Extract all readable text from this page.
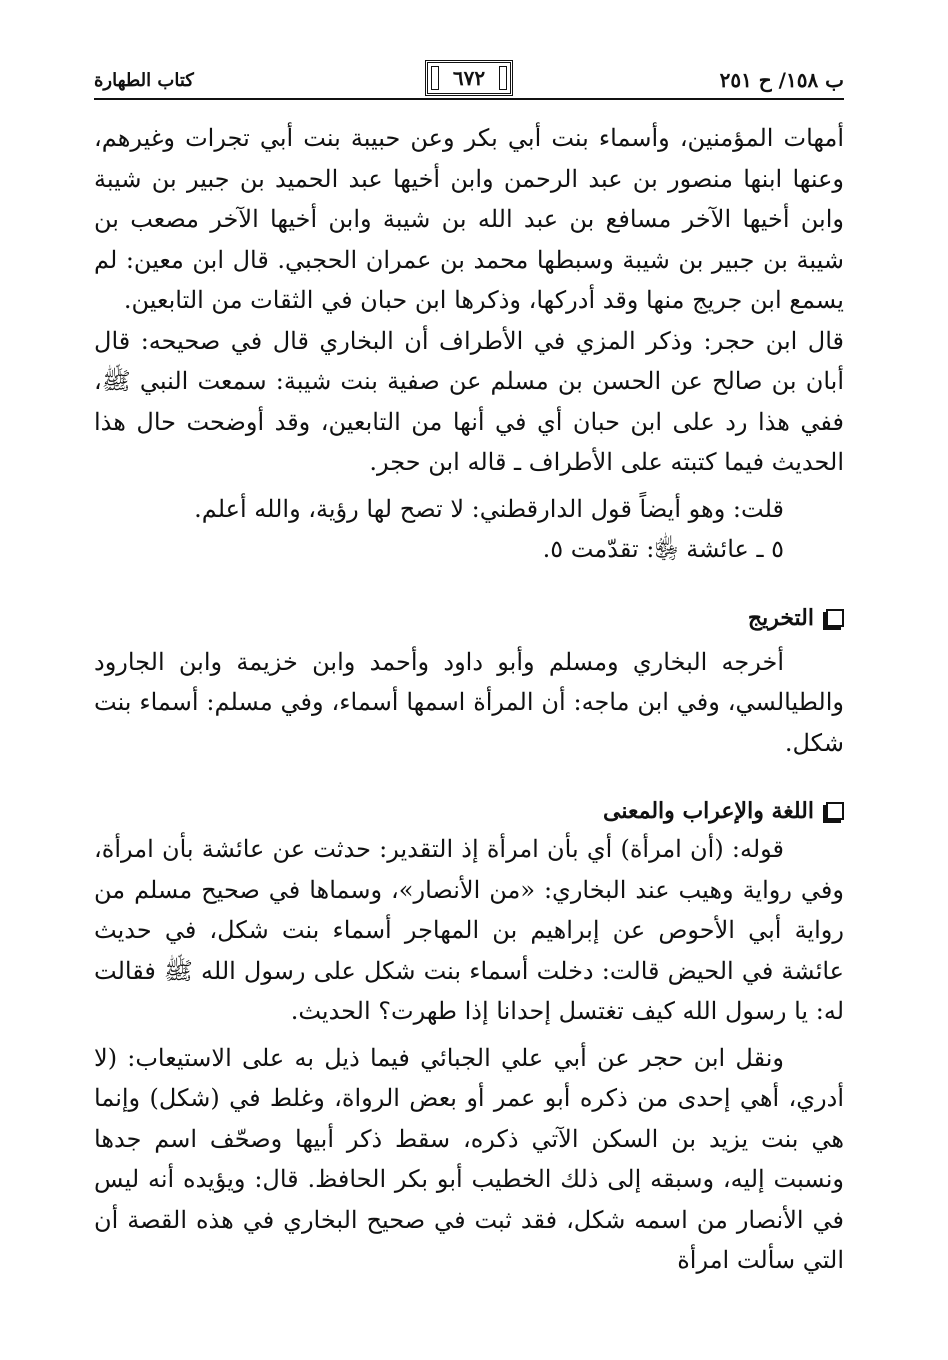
ب ١٥٨/ ح ٢٥١
٦٧٢
كتاب الطهارة

أمهات المؤمنين، وأسماء بنت أبي بكر وعن حبيبة بنت أبي تجرات وغيرهم، وعنها ابنها منصور بن عبد الرحمن وابن أخيها عبد الحميد بن جبير بن شيبة وابن أخيها الآخر مسافع بن عبد الله بن شيبة وابن أخيها الآخر مصعب بن شيبة بن جبير بن شيبة وسبطها محمد بن عمران الحجبي. قال ابن معين: لم يسمع ابن جريج منها وقد أدركها، وذكرها ابن حبان في الثقات من التابعين.

قال ابن حجر: وذكر المزي في الأطراف أن البخاري قال في صحيحه: قال أبان بن صالح عن الحسن بن مسلم عن صفية بنت شيبة: سمعت النبي ﷺ، ففي هذا رد على ابن حبان أي في أنها من التابعين، وقد أوضحت حال هذا الحديث فيما كتبته على الأطراف ـ قاله ابن حجر.

قلت: وهو أيضاً قول الدارقطني: لا تصح لها رؤية، والله أعلم.

٥ ـ عائشة ﵂: تقدّمت ٥.

التخريج

أخرجه البخاري ومسلم وأبو داود وأحمد وابن خزيمة وابن الجارود والطيالسي، وفي ابن ماجه: أن المرأة اسمها أسماء، وفي مسلم: أسماء بنت شكل.

اللغة والإعراب والمعنى

قوله: (أن امرأة) أي بأن امرأة إذ التقدير: حدثت عن عائشة بأن امرأة، وفي رواية وهيب عند البخاري: «من الأنصار»، وسماها في صحيح مسلم من رواية أبي الأحوص عن إبراهيم بن المهاجر أسماء بنت شكل، في حديث عائشة في الحيض قالت: دخلت أسماء بنت شكل على رسول الله ﷺ فقالت له: يا رسول الله كيف تغتسل إحدانا إذا طهرت؟ الحديث.

ونقل ابن حجر عن أبي علي الجبائي فيما ذيل به على الاستيعاب: (لا أدري، أهي إحدى من ذكره أبو عمر أو بعض الرواة، وغلط في (شكل) وإنما هي بنت يزيد بن السكن الآتي ذكره، سقط ذكر أبيها وصحّف اسم جدها ونسبت إليه، وسبقه إلى ذلك الخطيب أبو بكر الحافظ. قال: ويؤيده أنه ليس في الأنصار من اسمه شكل، فقد ثبت في صحيح البخاري في هذه القصة أن التي سألت امرأة
